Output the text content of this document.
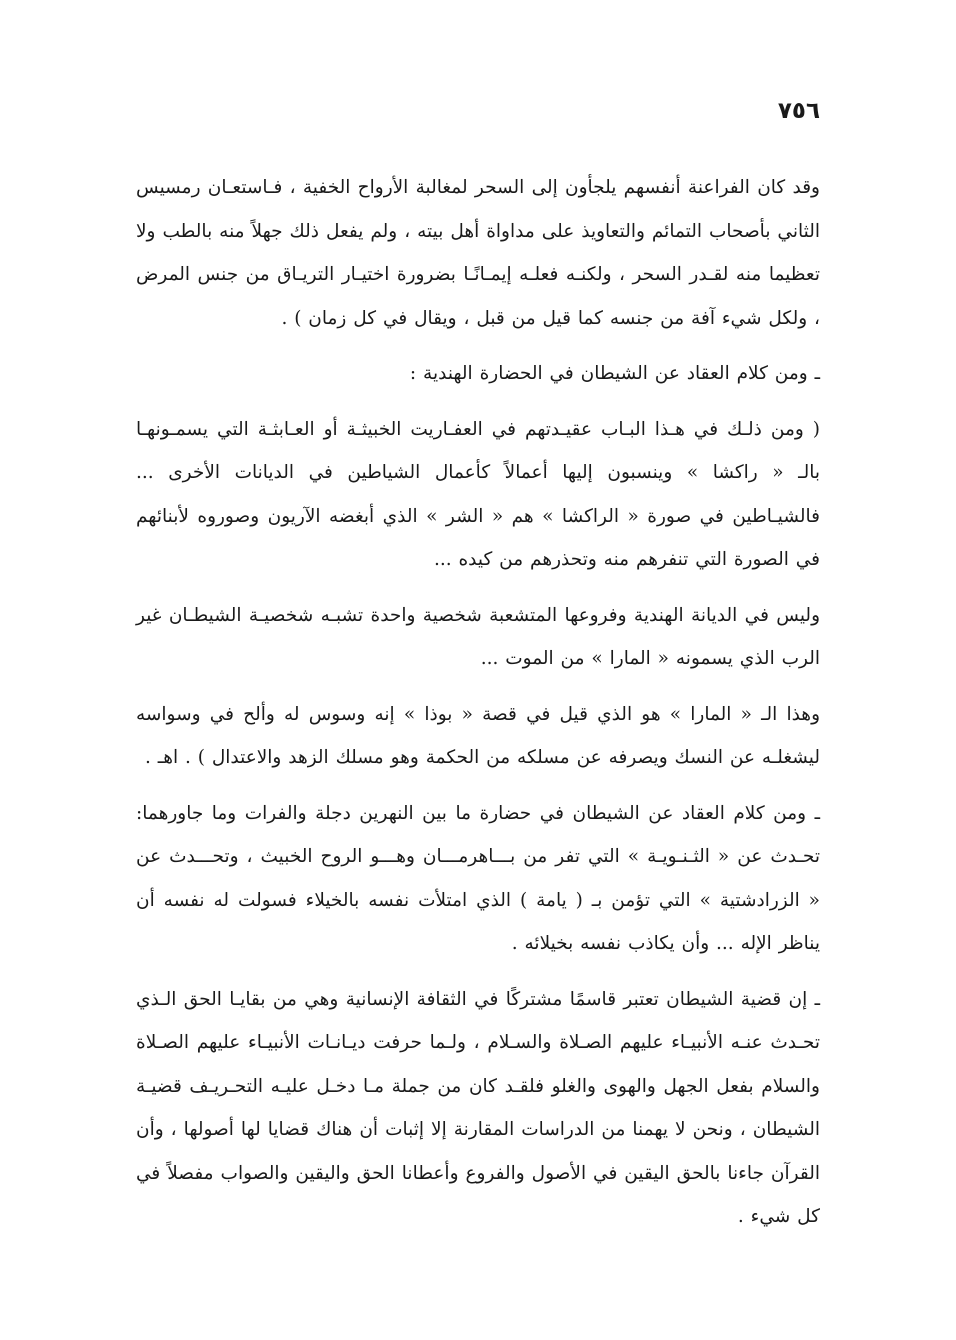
٧٥٦

وقد كان الفراعنة أنفسهم يلجأون إلى السحر لمغالبة الأرواح الخفية ، فـاستعـان رمسيس الثاني بأصحاب التمائم والتعاويذ على مداواة أهل بيته ، ولم يفعل ذلك جهلاً منه بالطب ولا تعظيما منه لقـدر السحر ، ولكنـه فعلـه إيمـانًـا بضرورة اختيـار التريـاق من جنس المرض ، ولكل شيء آفة من جنسه كما قيل من قبل ، ويقال في كل زمان ) .

ـ ومن كلام العقاد عن الشيطان في الحضارة الهندية :

( ومن ذلـك في هـذا البـاب عقيـدتهم في العفـاريت الخبيثـة أو العـابثـة التي يسمـونهـا بالـ « راكشا » وينسبون إليها أعمالاً كأعمال الشياطين في الديانات الأخرى ... فالشيـاطين في صورة « الراكشا » هم « الشر » الذي أبغضه الآريون وصوروه لأبنائهم في الصورة التي تنفرهم منه وتحذرهم من كيده ...

وليس في الديانة الهندية وفروعها المتشعبة شخصية واحدة تشبـه شخصيـة الشيطـان غير الرب الذي يسمونه « المارا » من الموت ...

وهذا الـ « المارا » هو الذي قيل في قصة « بوذا » إنه وسوس له وألح في وسواسه ليشغلـه عن النسك ويصرفه عن مسلكه من الحكمة وهو مسلك الزهد والاعتدال ) . اهـ .

ـ ومن كلام العقاد عن الشيطان في حضارة ما بين النهرين دجلة والفرات وما جاورهما: تحـدث عن « الثـنـويـة » التي تفر من بـــاهرمـــان وهـــو الروح الخبيث ، وتحـــدث عن « الزرادشتية » التي تؤمن بـ ( يامة ) الذي امتلأت نفسه بالخيلاء فسولت له نفسه أن يناظر الإله ... وأن يكاذب نفسه بخيلائه .

ـ إن قضية الشيطان تعتبر قاسمًا مشتركًا في الثقافة الإنسانية وهي من بقايـا الحق الـذي تحـدث عنـه الأنبيـاء عليهم الصـلاة والسـلام ، ولـما حرفت ديـانـات الأنبيـاء عليهم الصـلاة والسلام بفعل الجهل والهوى والغلو فلقـد كان من جملة مـا دخـل عليـه التحـريـف قضيـة الشيطان ، ونحن لا يهمنا من الدراسات المقارنة إلا إثبات أن هناك قضايا لها أصولها ، وأن القرآن جاءنا بالحق اليقين في الأصول والفروع وأعطانا الحق واليقين والصواب مفصلاً في كل شيء .
